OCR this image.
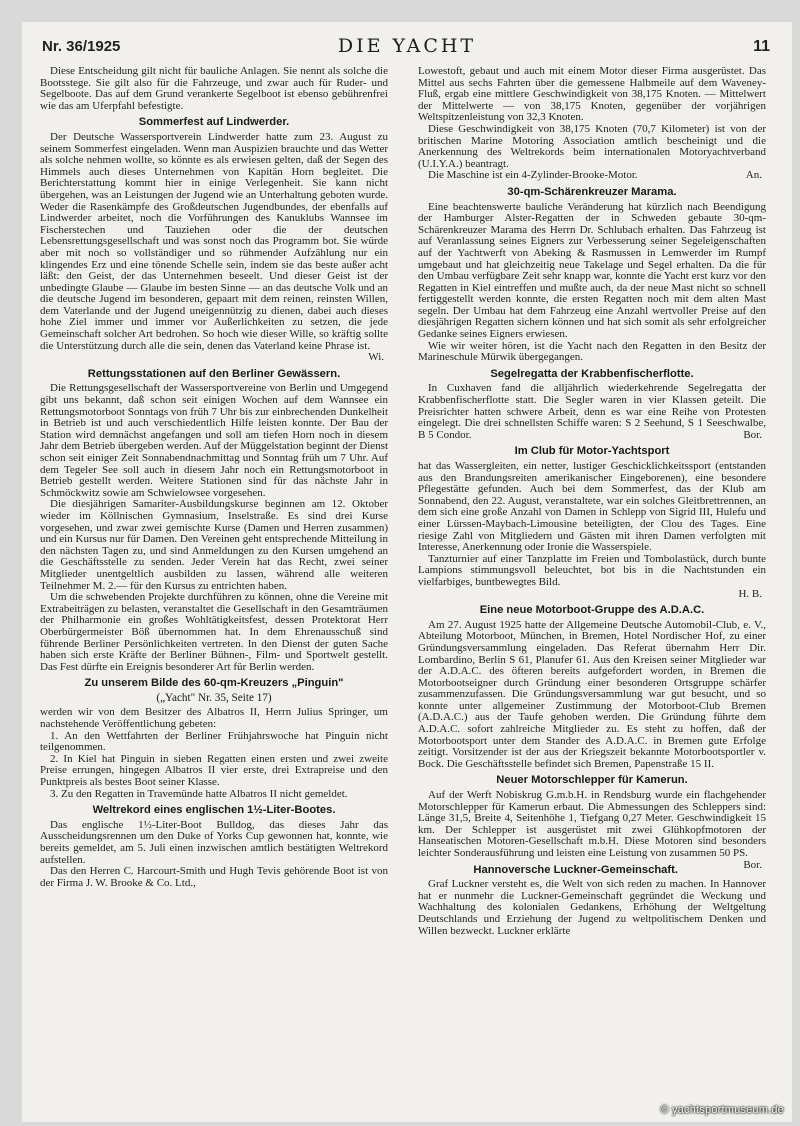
Nr. 36/1925	DIE YACHT	11

Diese Entscheidung gilt nicht für bauliche Anlagen. Sie nennt als solche die Bootsstege. Sie gilt also für die Fahrzeuge, und zwar auch für Ruder- und Segelboote. Das auf dem Grund verankerte Segelboot ist ebenso gebührenfrei wie das am Uferpfahl befestigte.

Sommerfest auf Lindwerder.

Der Deutsche Wassersportverein Lindwerder hatte zum 23. August zu seinem Sommerfest eingeladen. Wenn man Auspizien brauchte und das Wetter als solche nehmen wollte, so könnte es als erwiesen gelten, daß der Segen des Himmels auch dieses Unternehmen von Kapitän Horn begleitet. Die Berichterstattung kommt hier in einige Verlegenheit. Sie kann nicht übergehen, was an Leistungen der Jugend wie an Unterhaltung geboten wurde. Weder die Rasenkämpfe des Großdeutschen Jugendbundes, der ebenfalls auf Lindwerder arbeitet, noch die Vorführungen des Kanuklubs Wannsee im Fischerstechen und Tauziehen oder die der deutschen Lebensrettungsgesellschaft und was sonst noch das Programm bot. Sie würde aber mit noch so vollständiger und so rühmender Aufzählung nur ein klingendes Erz und eine tönende Schelle sein, indem sie das beste außer acht läßt: den Geist, der das Unternehmen beseelt. Und dieser Geist ist der unbedingte Glaube — Glaube im besten Sinne — an das deutsche Volk und an die deutsche Jugend im besonderen, gepaart mit dem reinen, reinsten Willen, dem Vaterlande und der Jugend uneigennützig zu dienen, dabei auch dieses hohe Ziel immer und immer vor Außerlichkeiten zu setzen, die jede Gemeinschaft solcher Art bedrohen. So hoch wie dieser Wille, so kräftig sollte die Unterstützung durch alle die sein, denen das Vaterland keine Phrase ist.
Wi.

Rettungsstationen auf den Berliner Gewässern.

Die Rettungsgesellschaft der Wassersportvereine von Berlin und Umgegend gibt uns bekannt, daß schon seit einigen Wochen auf dem Wannsee ein Rettungsmotorboot Sonntags von früh 7 Uhr bis zur einbrechenden Dunkelheit in Betrieb ist und auch verschiedentlich Hilfe leisten konnte. Der Bau der Station wird demnächst angefangen und soll am tiefen Horn noch in diesem Jahr dem Betrieb übergeben werden. Auf der Müggelstation beginnt der Dienst schon seit einiger Zeit Sonnabendnachmittag und Sonntag früh um 7 Uhr. Auf dem Tegeler See soll auch in diesem Jahr noch ein Rettungsmotorboot in Betrieb gestellt werden. Weitere Stationen sind für das nächste Jahr in Schmöckwitz sowie am Schwielowsee vorgesehen.

Die diesjährigen Samariter-Ausbildungskurse beginnen am 12. Oktober wieder im Köllnischen Gymnasium, Inselstraße. Es sind drei Kurse vorgesehen, und zwar zwei gemischte Kurse (Damen und Herren zusammen) und ein Kursus nur für Damen. Den Vereinen geht entsprechende Mitteilung in den nächsten Tagen zu, und sind Anmeldungen zu den Kursen umgehend an die Geschäftsstelle zu senden. Jeder Verein hat das Recht, zwei seiner Mitglieder unentgeltlich ausbilden zu lassen, während alle weiteren Teilnehmer M. 2.— für den Kursus zu entrichten haben.

Um die schwebenden Projekte durchführen zu können, ohne die Vereine mit Extrabeiträgen zu belasten, veranstaltet die Gesellschaft in den Gesamträumen der Philharmonie ein großes Wohltätigkeitsfest, dessen Protektorat Herr Oberbürgermeister Böß übernommen hat. In dem Ehrenausschuß sind führende Berliner Persönlichkeiten vertreten. In den Dienst der guten Sache haben sich erste Kräfte der Berliner Bühnen-, Film- und Sportwelt gestellt. Das Fest dürfte ein Ereignis besonderer Art für Berlin werden.

Zu unserem Bilde des 60-qm-Kreuzers „Pinguin"
(„Yacht" Nr. 35, Seite 17)

werden wir von dem Besitzer des Albatros II, Herrn Julius Springer, um nachstehende Veröffentlichung gebeten:

1. An den Wettfahrten der Berliner Frühjahrswoche hat Pinguin nicht teilgenommen.

2. In Kiel hat Pinguin in sieben Regatten einen ersten und zwei zweite Preise errungen, hingegen Albatros II vier erste, drei Extrapreise und den Punktpreis als bestes Boot seiner Klasse.

3. Zu den Regatten in Travemünde hatte Albatros II nicht gemeldet.

Weltrekord eines englischen 1½-Liter-Bootes.

Das englische 1½-Liter-Boot Bulldog, das dieses Jahr das Ausscheidungsrennen um den Duke of Yorks Cup gewonnen hat, konnte, wie bereits gemeldet, am 5. Juli einen inzwischen amtlich bestätigten Weltrekord aufstellen.

Das den Herren C. Harcourt-Smith und Hugh Tevis gehörende Boot ist von der Firma J. W. Brooke & Co. Ltd.,

Lowestoft, gebaut und auch mit einem Motor dieser Firma ausgerüstet. Das Mittel aus sechs Fahrten über die gemessene Halbmeile auf dem Waveney-Fluß, ergab eine mittlere Geschwindigkeit von 38,175 Knoten. — Mittelwert der Mittelwerte — von 38,175 Knoten, gegenüber der vorjährigen Weltspitzenleistung von 32,3 Knoten.

Diese Geschwindigkeit von 38,175 Knoten (70,7 Kilometer) ist von der britischen Marine Motoring Association amtlich bescheinigt und die Anerkennung des Weltrekords beim internationalen Motoryachtverband (U.I.Y.A.) beantragt.

Die Maschine ist ein 4-Zylinder-Brooke-Motor.	An.

30-qm-Schärenkreuzer Marama.

Eine beachtenswerte bauliche Veränderung hat kürzlich nach Beendigung der Hamburger Alster-Regatten der in Schweden gebaute 30-qm-Schärenkreuzer Marama des Herrn Dr. Schlubach erhalten. Das Fahrzeug ist auf Veranlassung seines Eigners zur Verbesserung seiner Segeleigenschaften auf der Yachtwerft von Abeking & Rasmussen in Lemwerder im Rumpf umgebaut und hat gleichzeitig neue Takelage und Segel erhalten. Da die für den Umbau verfügbare Zeit sehr knapp war, konnte die Yacht erst kurz vor den Regatten in Kiel eintreffen und mußte auch, da der neue Mast nicht so schnell fertiggestellt werden konnte, die ersten Regatten noch mit dem alten Mast segeln. Der Umbau hat dem Fahrzeug eine Anzahl wertvoller Preise auf den diesjährigen Regatten sichern können und hat sich somit als sehr erfolgreicher Gedanke seines Eigners erwiesen.

Wie wir weiter hören, ist die Yacht nach den Regatten in den Besitz der Marineschule Mürwik übergegangen.

Segelregatta der Krabbenfischerflotte.

In Cuxhaven fand die alljährlich wiederkehrende Segelregatta der Krabbenfischerflotte statt. Die Segler waren in vier Klassen geteilt. Die Preisrichter hatten schwere Arbeit, denn es war eine Reihe von Protesten eingelegt. Die drei schnellsten Schiffe waren: S 2 Seehund, S 1 Seeschwalbe, B 5 Condor.	Bor.

Im Club für Motor-Yachtsport

hat das Wassergleiten, ein netter, lustiger Geschicklichkeitssport (entstanden aus den Brandungsreiten amerikanischer Eingeborenen), eine besondere Pflegestätte gefunden. Auch bei dem Sommerfest, das der Klub am Sonnabend, den 22. August, veranstaltete, war ein solches Gleitbrettrennen, an dem sich eine große Anzahl von Damen in Schlepp von Sigrid III, Hulefu und einer Lürssen-Maybach-Limousine beteiligten, der Clou des Tages. Eine riesige Zahl von Mitgliedern und Gästen mit ihren Damen verfolgten mit Interesse, Anerkennung oder Ironie die Wasserspiele.

Tanzturnier auf einer Tanzplatte im Freien und Tombolastück, durch bunte Lampions stimmungsvoll beleuchtet, bot bis in die Nachtstunden ein vielfarbiges, buntbewegtes Bild.
H. B.

Eine neue Motorboot-Gruppe des A.D.A.C.

Am 27. August 1925 hatte der Allgemeine Deutsche Automobil-Club, e. V., Abteilung Motorboot, München, in Bremen, Hotel Nordischer Hof, zu einer Gründungsversammlung eingeladen. Das Referat übernahm Herr Dir. Lombardino, Berlin S 61, Planufer 61. Aus den Kreisen seiner Mitglieder war der A.D.A.C. des öfteren bereits aufgefordert worden, in Bremen die Motorbootseigner durch Gründung einer besonderen Ortsgruppe schärfer zusammenzufassen. Die Gründungsversammlung war gut besucht, und so konnte unter allgemeiner Zustimmung der Motorboot-Club Bremen (A.D.A.C.) aus der Taufe gehoben werden. Die Gründung führte dem A.D.A.C. sofort zahlreiche Mitglieder zu. Es steht zu hoffen, daß der Motorbootsport unter dem Stander des A.D.A.C. in Bremen gute Erfolge zeitigt. Vorsitzender ist der aus der Kriegszeit bekannte Motorbootsportler v. Bock. Die Geschäftsstelle befindet sich Bremen, Papenstraße 15 II.

Neuer Motorschlepper für Kamerun.

Auf der Werft Nobiskrug G.m.b.H. in Rendsburg wurde ein flachgehender Motorschlepper für Kamerun erbaut. Die Abmessungen des Schleppers sind: Länge 31,5, Breite 4, Seitenhöhe 1, Tiefgang 0,27 Meter. Geschwindigkeit 15 km. Der Schlepper ist ausgerüstet mit zwei Glühkopfmotoren der Hanseatischen Motoren-Gesellschaft m.b.H. Diese Motoren sind besonders leichter Sonderausführung und leisten eine Leistung von zusammen 50 PS.
Bor.

Hannoversche Luckner-Gemeinschaft.

Graf Luckner versteht es, die Welt von sich reden zu machen. In Hannover hat er nunmehr die Luckner-Gemeinschaft gegründet die Weckung und Wachhaltung des kolonialen Gedankens, Erhöhung der Weltgeltung Deutschlands und Erziehung der Jugend zu weltpolitischem Denken und Willen bezweckt. Luckner erklärte

© yachtsportmuseum.de
